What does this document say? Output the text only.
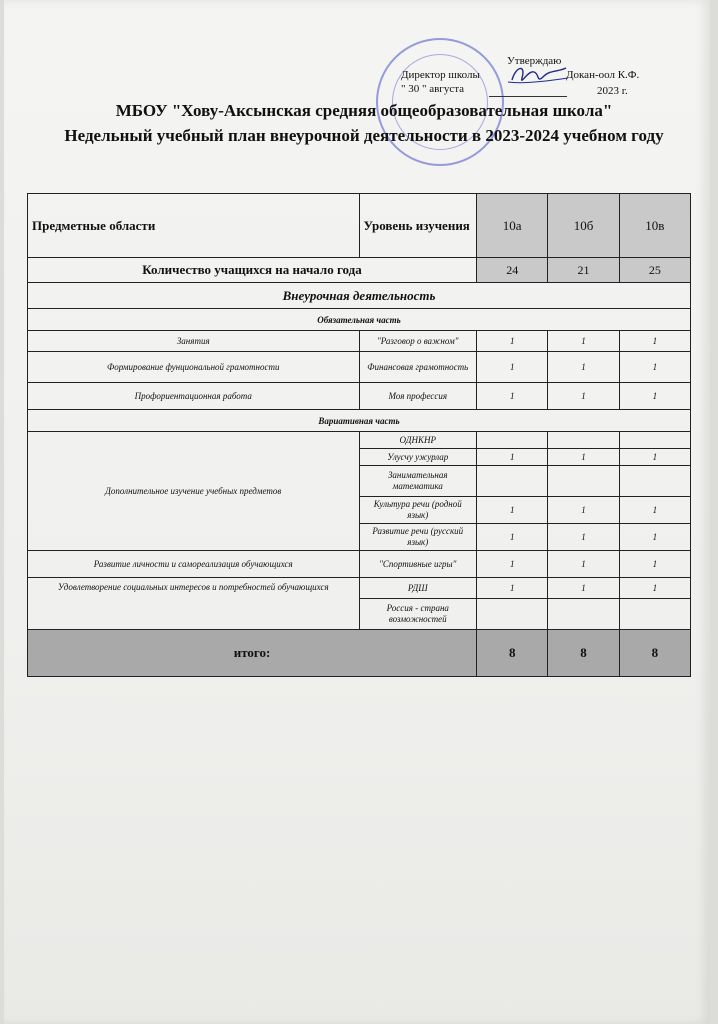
Утверждаю
Директор школы	Докан-оол К.Ф.
" 30 " августа	2023 г.
МБОУ "Хову-Аксынская средняя общеобразовательная школа"
Недельный учебный план внеурочной деятельности в 2023-2024 учебном году
Предметные области	Уровень изучения	10а	10б	10в
Количество учащихся на начало года		24	21	25
Внеурочная деятельность				
Обязательная часть				
Занятия	"Разговор о важном"	1	1	1
Формирование фунциональной грамотности	Финансовая грамотность	1	1	1
Профориентационная работа	Моя профессия	1	1	1
Вариативная часть				
Дополнительное изучение учебных предметов	ОДНКНР			
	Улусчу ужурлар	1	1	1
	Занимательная математика			
	Культура речи (родной язык)	1	1	1
	Развитие речи (русский язык)	1	1	1
Развитие личности и самореализация обучающихся	"Спортивные игры"	1	1	1
Удовлетворение социальных интересов и потребностей обучающихся	РДШ	1	1	1
	Россия - страна возможностей			
итого:		8	8	8
